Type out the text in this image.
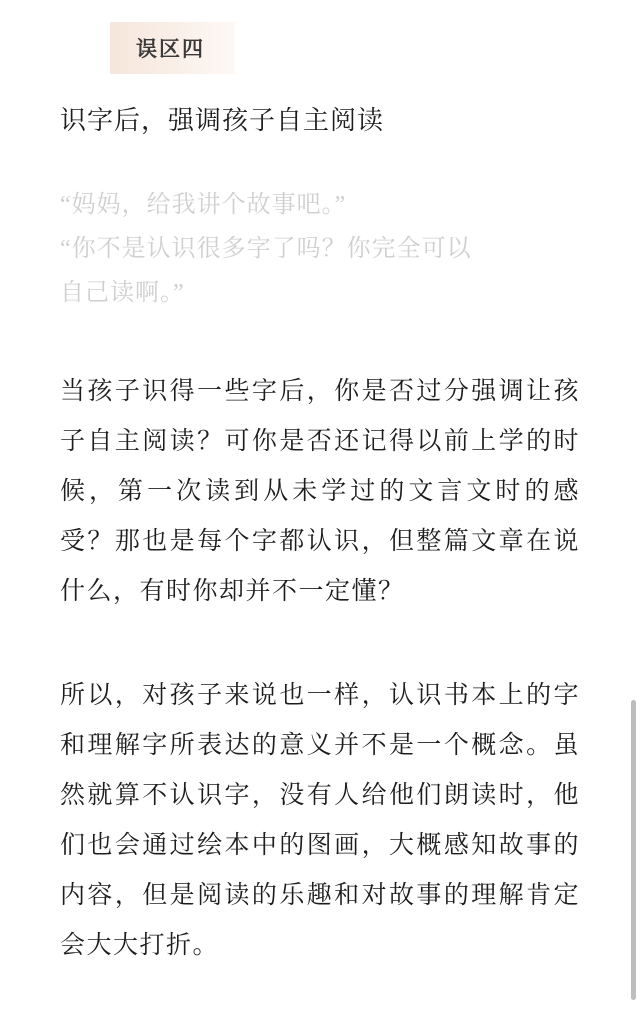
误区四
识字后，强调孩子自主阅读
“妈妈，给我讲个故事吧。”
“你不是认识很多字了吗？你完全可以
自己读啊。”
当孩子识得一些字后，你是否过分强调让孩子自主阅读？可你是否还记得以前上学的时候，第一次读到从未学过的文言文时的感受？那也是每个字都认识，但整篇文章在说什么，有时你却并不一定懂？
所以，对孩子来说也一样，认识书本上的字和理解字所表达的意义并不是一个概念。虽然就算不认识字，没有人给他们朗读时，他们也会通过绘本中的图画，大概感知故事的内容，但是阅读的乐趣和对故事的理解肯定会大大打折。
